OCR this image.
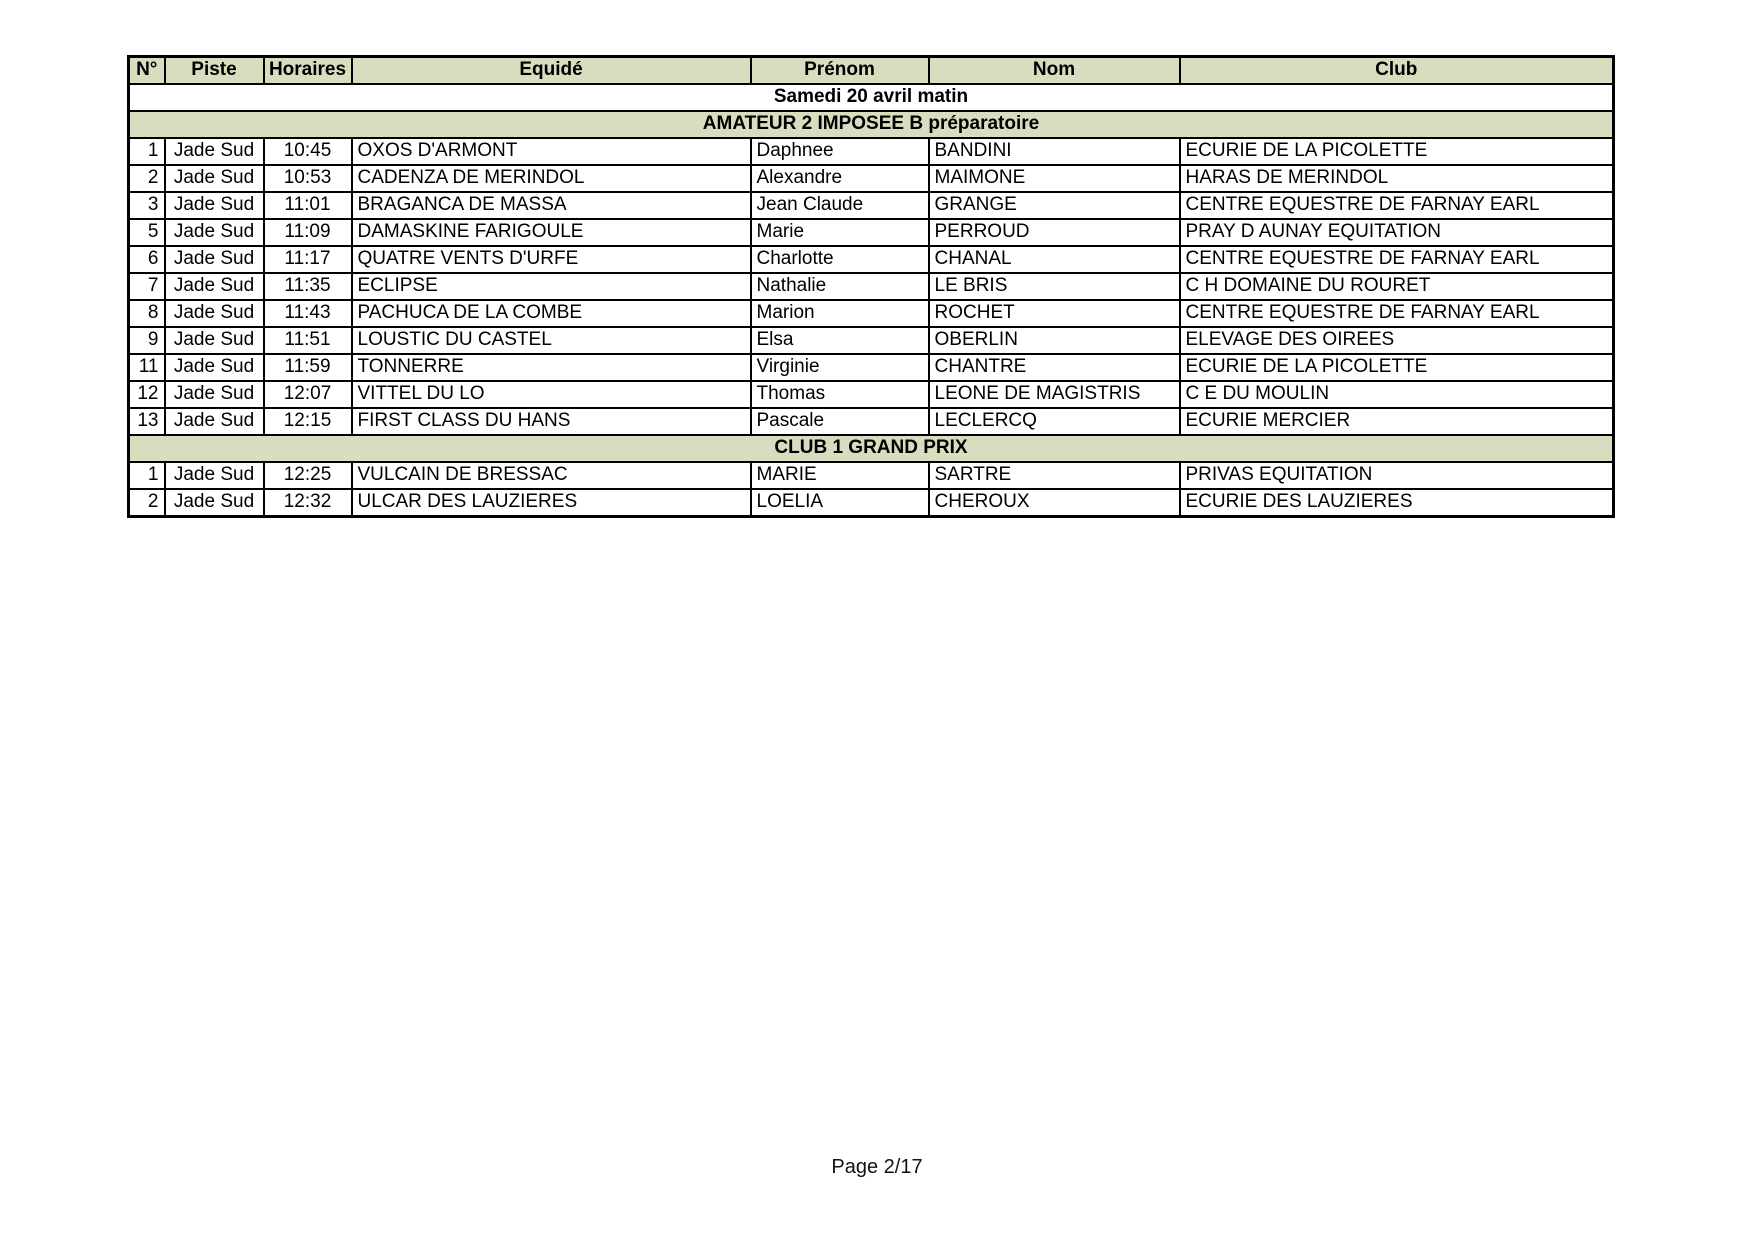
N°	Piste	Horaires	Equidé	Prénom	Nom	Club
Samedi 20 avril matin						
AMATEUR 2 IMPOSEE B préparatoire						
1	Jade Sud	10:45	OXOS D'ARMONT	Daphnee	BANDINI	ECURIE DE LA PICOLETTE
2	Jade Sud	10:53	CADENZA DE MERINDOL	Alexandre	MAIMONE	HARAS DE MERINDOL
3	Jade Sud	11:01	BRAGANCA DE MASSA	Jean Claude	GRANGE	CENTRE EQUESTRE DE FARNAY EARL
5	Jade Sud	11:09	DAMASKINE FARIGOULE	Marie	PERROUD	PRAY D AUNAY EQUITATION
6	Jade Sud	11:17	QUATRE VENTS D'URFE	Charlotte	CHANAL	CENTRE EQUESTRE DE FARNAY EARL
7	Jade Sud	11:35	ECLIPSE	Nathalie	LE BRIS	C H DOMAINE DU ROURET
8	Jade Sud	11:43	PACHUCA DE LA COMBE	Marion	ROCHET	CENTRE EQUESTRE DE FARNAY EARL
9	Jade Sud	11:51	LOUSTIC DU CASTEL	Elsa	OBERLIN	ELEVAGE DES OIREES
11	Jade Sud	11:59	TONNERRE	Virginie	CHANTRE	ECURIE DE LA PICOLETTE
12	Jade Sud	12:07	VITTEL DU LO	Thomas	LEONE DE MAGISTRIS	C E DU MOULIN
13	Jade Sud	12:15	FIRST CLASS DU HANS	Pascale	LECLERCQ	ECURIE MERCIER
CLUB 1 GRAND PRIX						
1	Jade Sud	12:25	VULCAIN DE BRESSAC	MARIE	SARTRE	PRIVAS EQUITATION
2	Jade Sud	12:32	ULCAR DES LAUZIERES	LOELIA	CHEROUX	ECURIE DES LAUZIERES
Page 2/17
